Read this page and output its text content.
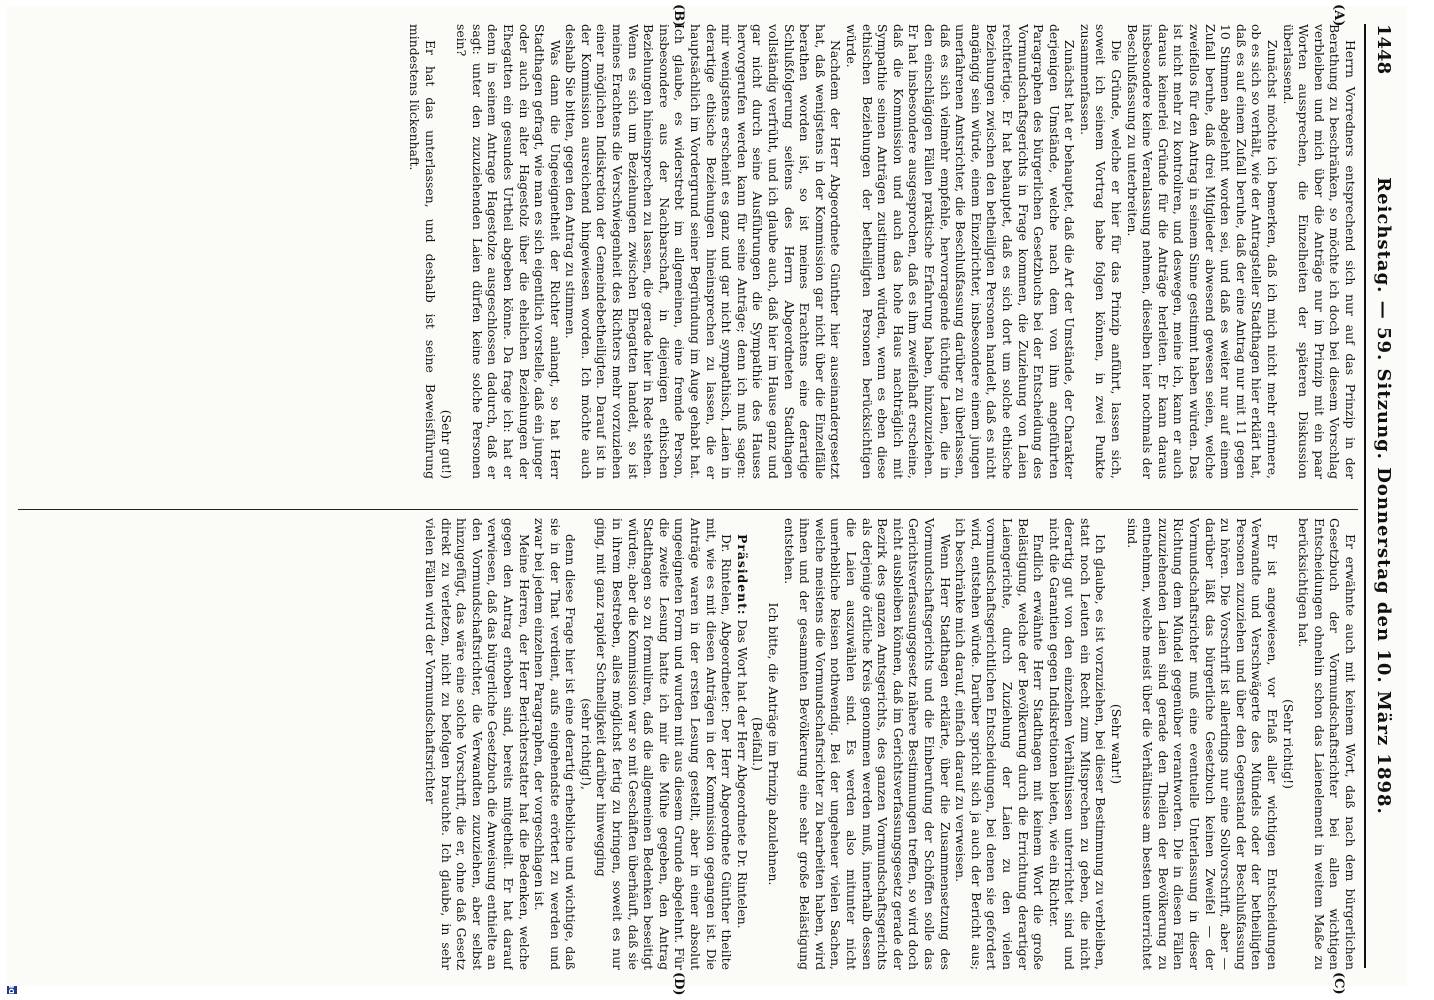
1448
Reichstag. — 59. Sitzung. Donnerstag den 10. März 1898.
(A)
(B)
(C)
(D)

Herrn Vorredners entsprechend sich nur auf das Prinzip in der Berathung zu beschränken, so möchte ich doch bei diesem Vorschlag verbleiben und mich über die Anträge nur im Prinzip mit ein paar Worten aussprechen, die Einzelheiten der späteren Diskussion überlassend.

Zunächst möchte ich bemerken, daß ich mich nicht mehr erinnere, ob es sich so verhält, wie der Antragsteller Stadthagen hier erklärt hat, daß es auf einem Zufall beruhe, daß der eine Antrag nur mit 11 gegen 10 Stimmen abgelehnt worden sei, und daß es weiter nur auf einem Zufall beruhe, daß drei Mitglieder abwesend gewesen seien, welche zweifellos für den Antrag in seinem Sinne gestimmt haben würden. Das ist nicht mehr zu kontroliren, und deswegen, meine ich, kann er auch daraus keinerlei Gründe für die Anträge herleiten. Er kann daraus insbesondere keine Veranlassung nehmen, dieselben hier nochmals der Beschlußfassung zu unterbreiten.

Die Gründe, welche er hier für das Prinzip anführt, lassen sich, soweit ich seinem Vortrag habe folgen können, in zwei Punkte zusammenfassen.

Zunächst hat er behauptet, daß die Art der Umstände, der Charakter derjenigen Umstände, welche nach dem von ihm angeführten Paragraphen des bürgerlichen Gesetzbuchs bei der Entscheidung des Vormundschaftsgerichts in Frage kommen, die Zuziehung von Laien rechtfertige. Er hat behauptet, daß es sich dort um solche ethische Beziehungen zwischen den betheiligten Personen handelt, daß es nicht angängig sein würde, einem Einzelrichter, insbesondere einem jungen unerfahrenen Amtsrichter, die Beschlußfassung darüber zu überlassen, daß es sich vielmehr empfehle, hervorragende tüchtige Laien, die in den einschlägigen Fällen praktische Erfahrung haben, hinzuzuziehen. Er hat insbesondere ausgesprochen, daß es ihm zweifelhaft erscheine, daß die Kommission und auch das hohe Haus nachträglich mit Sympathie seinen Anträgen zustimmen würden, wenn es eben diese ethischen Beziehungen der betheiligten Personen berücksichtigen würde.

Nachdem der Herr Abgeordnete Günther hier auseinandergesetzt hat, daß wenigstens in der Kommission gar nicht über die Einzelfälle berathen worden ist, so ist meines Erachtens eine derartige Schlußfolgerung seitens des Herrn Abgeordneten Stadthagen vollständig verfrüht, und ich glaube auch, daß hier im Hause ganz und gar nicht durch seine Ausführungen die Sympathie des Hauses hervorgerufen werden kann für seine Anträge; denn ich muß sagen: mir wenigstens erscheint es ganz und gar nicht sympathisch, Laien in derartige ethische Beziehungen hineinsprechen zu lassen, die er hauptsächlich im Vordergrund seiner Begründung im Auge gehabt hat. Ich glaube, es widerstrebt im allgemeinen, eine fremde Person, insbesondere aus der Nachbarschaft, in diejenigen ethischen Beziehungen hineinsprechen zu lassen, die gerade hier in Rede stehen. Wenn es sich um Beziehungen zwischen Ehegatten handelt, so ist meines Erachtens die Verschwiegenheit des Richters mehr vorzuziehen einer möglichen Indiskretion der Gemeindebetheiligten. Darauf ist in der Kommission ausreichend hingewiesen worden. Ich möchte auch deshalb Sie bitten, gegen den Antrag zu stimmen.

Was dann die Ungeeignetheit der Richter anlangt, so hat Herr Stadthagen gefragt, wie man es sich eigentlich vorstelle, daß ein junger oder auch ein alter Hagestolz über die ehelichen Beziehungen der Ehegatten ein gesundes Urtheil abgeben könne. Da frage ich: hat er denn in seinem Antrage Hagestolze ausgeschlossen dadurch, daß er sagt: unter den zuzuziehenden Laien dürfen keine solche Personen sein?

(Sehr gut!)

Er hat das unterlassen, und deshalb ist seine Beweisführung mindestens lückenhaft.

Er erwähnte auch mit keinem Wort, daß nach dem bürgerlichen Gesetzbuch der Vormundschaftsrichter bei allen wichtigen Entscheidungen ohnehin schon das Laienelement in weitem Maße zu berücksichtigen hat.

(Sehr richtig!)

Er ist angewiesen, vor Erlaß aller wichtigen Entscheidungen Verwandte und Verschwägerte des Mündels oder der betheiligten Personen zuzuziehen und über den Gegenstand der Beschlußfassung zu hören. Die Vorschrift ist allerdings nur eine Sollvorschrift, aber — darüber läßt das bürgerliche Gesetzbuch keinen Zweifel — der Vormundschaftsrichter muß eine eventuelle Unterlassung in dieser Richtung dem Mündel gegenüber verantworten. Die in diesen Fällen zuzuziehenden Laien sind gerade den Theilen der Bevölkerung zu entnehmen, welche meist über die Verhältnisse am besten unterrichtet sind.

(Sehr wahr!)

Ich glaube, es ist vorzuziehen, bei dieser Bestimmung zu verbleiben, statt noch Leuten ein Recht zum Mitsprechen zu geben, die nicht derartig gut von den einzelnen Verhältnissen unterrichtet sind und nicht die Garantien gegen Indiskretionen bieten, wie ein Richter.

Endlich erwähnte Herr Stadthagen mit keinem Wort die große Belästigung, welche der Bevölkerung durch die Errichtung derartiger Laiengerichte, durch Zuziehung der Laien zu den vielen vormundschaftsgerichtlichen Entscheidungen, bei denen sie gefordert wird, entstehen würde. Darüber spricht sich ja auch der Bericht aus; ich beschränke mich darauf, einfach darauf zu verweisen.

Wenn Herr Stadthagen erklärte, über die Zusammensetzung des Vormundschaftsgerichts und die Einberufung der Schöffen solle das Gerichtsverfassungsgesetz nähere Bestimmungen treffen, so wird doch nicht ausbleiben können, daß im Gerichtsverfassungsgesetz gerade der Bezirk des ganzen Amtsgerichts, des ganzen Vormundschaftsgerichts als derjenige örtliche Kreis genommen werden muß, innerhalb dessen die Laien auszuwählen sind. Es werden also mitunter nicht unerhebliche Reisen nothwendig. Bei der ungeheuer vielen Sachen, welche meistens die Vormundschaftsrichter zu bearbeiten haben, wird ihnen und der gesammten Bevölkerung eine sehr große Belästigung entstehen.

Ich bitte, die Anträge im Prinzip abzulehnen.

(Beifall.)

Präsident: Das Wort hat der Herr Abgeordnete Dr. Rintelen.

Dr. Rintelen, Abgeordneter: Der Herr Abgeordnete Günther theilte mit, wie es mit diesen Anträgen in der Kommission gegangen ist. Die Anträge waren in der ersten Lesung gestellt, aber in einer absolut ungeeigneten Form und wurden mit aus diesem Grunde abgelehnt. Für die zweite Lesung hatte ich mir die Mühe gegeben, den Antrag Stadthagen so zu formuliren, daß die allgemeinen Bedenken beseitigt würden; aber die Kommission war so mit Geschäften überhäuft, daß sie in ihrem Bestreben, alles möglichst fertig zu bringen, soweit es nur ging, mit ganz rapider Schnelligkeit darüber hinwegging

(sehr richtig!),

denn diese Frage hier ist eine derartig erhebliche und wichtige, daß sie in der That verdient, aufs eingehendste erörtert zu werden und zwar bei jedem einzelnen Paragraphen, der vorgeschlagen ist.

Meine Herren, der Herr Berichterstatter hat die Bedenken, welche gegen den Antrag erhoben sind, bereits mitgetheilt. Er hat darauf verwiesen, daß das bürgerliche Gesetzbuch die Anweisung enthielte an den Vormundschaftsrichter, die Verwandten zuzuziehen, aber selbst hinzugefügt, das wäre eine solche Vorschrift, die er, ohne daß Gesetz direkt zu verletzen, nicht zu befolgen brauchte. Ich glaube, in sehr vielen Fällen wird der Vormundschaftsrichter
